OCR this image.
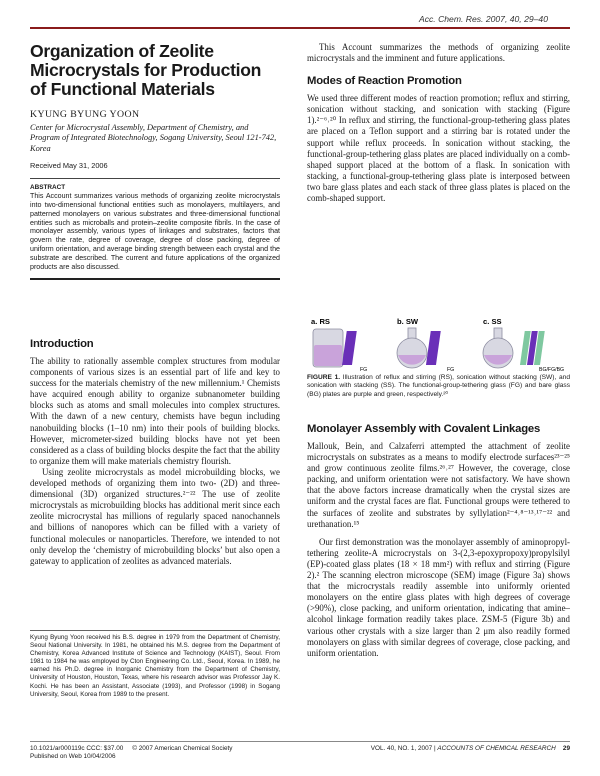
Acc. Chem. Res. 2007, 40, 29–40
Organization of Zeolite Microcrystals for Production of Functional Materials
KYUNG BYUNG YOON

Center for Microcrystal Assembly, Department of Chemistry, and Program of Integrated Biotechnology, Sogang University, Seoul 121-742, Korea

Received May 31, 2006
ABSTRACT

This Account summarizes various methods of organizing zeolite microcrystals into two-dimensional functional entities such as monolayers, multilayers, and patterned monolayers on various substrates and three-dimensional functional entities such as microballs and protein–zeolite composite fibrils. In the case of monolayer assembly, various types of linkages and substrates, factors that govern the rate, degree of coverage, degree of close packing, degree of uniform orientation, and average binding strength between each crystal and the substrate are described. The current and future applications of the organized products are also discussed.

Introduction

The ability to rationally assemble complex structures from modular components of various sizes is an essential part of life and key to success for the materials chemistry of the new millennium.¹ Chemists have acquired enough ability to organize subnanometer building blocks such as atoms and small molecules into complex structures. With the dawn of a new century, chemists have begun including nanobuilding blocks (1–10 nm) into their pools of building blocks. However, micrometer-sized building blocks have not yet been considered as a class of building blocks despite the fact that the ability to organize them will make materials chemistry flourish.

Using zeolite microcrystals as model microbuilding blocks, we developed methods of organizing them into two- (2D) and three-dimensional (3D) organized structures.²⁻²² The use of zeolite microcrystals as microbuilding blocks has additional merit since each zeolite microcrystal has millions of regularly spaced nanochannels and billions of nanopores which can be filled with a variety of functional molecules or nanoparticles. Therefore, we intended to not only develop the ‘chemistry of microbuilding blocks’ but also open a gateway to application of zeolites as advanced materials.

Kyung Byung Yoon received his B.S. degree in 1979 from the Department of Chemistry, Seoul National University. In 1981, he obtained his M.S. degree from the Department of Chemistry, Korea Advanced Institute of Science and Technology (KAIST), Seoul. From 1981 to 1984 he was employed by Cton Engineering Co. Ltd., Seoul, Korea. In 1989, he earned his Ph.D. degree in Inorganic Chemistry from the Department of Chemistry, University of Houston, Houston, Texas, where his research advisor was Professor Jay K. Kochi. He has been an Assistant, Associate (1993), and Professor (1998) in Sogang University, Seoul, Korea from 1989 to the present.

This Account summarizes the methods of organizing zeolite microcrystals and the imminent and future applications.

Modes of Reaction Promotion

We used three different modes of reaction promotion; reflux and stirring, sonication without stacking, and sonication with stacking (Figure 1).²⁻⁶˒²⁰ In reflux and stirring, the functional-group-tethering glass plates are placed on a Teflon support and a stirring bar is rotated under the support while reflux proceeds. In sonication without stacking, the functional-group-tethering glass plates are placed individually on a comb-shaped support placed at the bottom of a flask. In sonication with stacking, a functional-group-tethering glass plate is interposed between two bare glass plates and each stack of three glass plates is placed on the comb-shaped support.

a. RS	b. SW	c. SS
FG	FG	BG/FG/BG
FIGURE 1. Illustration of reflux and stirring (RS), sonication without stacking (SW), and sonication with stacking (SS). The functional-group-tethering glass (FG) and bare glass (BG) plates are purple and green, respectively.²⁰
Monolayer Assembly with Covalent Linkages

Mallouk, Bein, and Calzaferri attempted the attachment of zeolite microcrystals on substrates as a means to modify electrode surfaces²³⁻²⁵ and grow continuous zeolite films.²⁶˒²⁷ However, the coverage, close packing, and uniform orientation were not satisfactory. We have shown that the above factors increase dramatically when the crystal sizes are uniform and the crystal faces are flat. Functional groups were tethered to the surfaces of zeolite and substrates by syllylation²⁻⁴˒⁸⁻¹³˒¹⁷⁻²² and urethanation.¹⁵

Our first demonstration was the monolayer assembly of aminopropyl-tethering zeolite-A microcrystals on 3-(2,3-epoxypropoxy)propylsilyl (EP)-coated glass plates (18 × 18 mm²) with reflux and stirring (Figure 2).² The scanning electron microscope (SEM) image (Figure 3a) shows that the microcrystals readily assemble into uniformly oriented monolayers on the entire glass plates with high degrees of coverage (>90%), close packing, and uniform orientation, indicating that amine–alcohol linkage formation readily takes place. ZSM-5 (Figure 3b) and various other crystals with a size larger than 2 μm also readily formed monolayers on glass with similar degrees of coverage, close packing, and uniform orientation.

10.1021/ar000119c CCC: $37.00 © 2007 American Chemical Society
Published on Web 10/04/2006
VOL. 40, NO. 1, 2007 | ACCOUNTS OF CHEMICAL RESEARCH 29
